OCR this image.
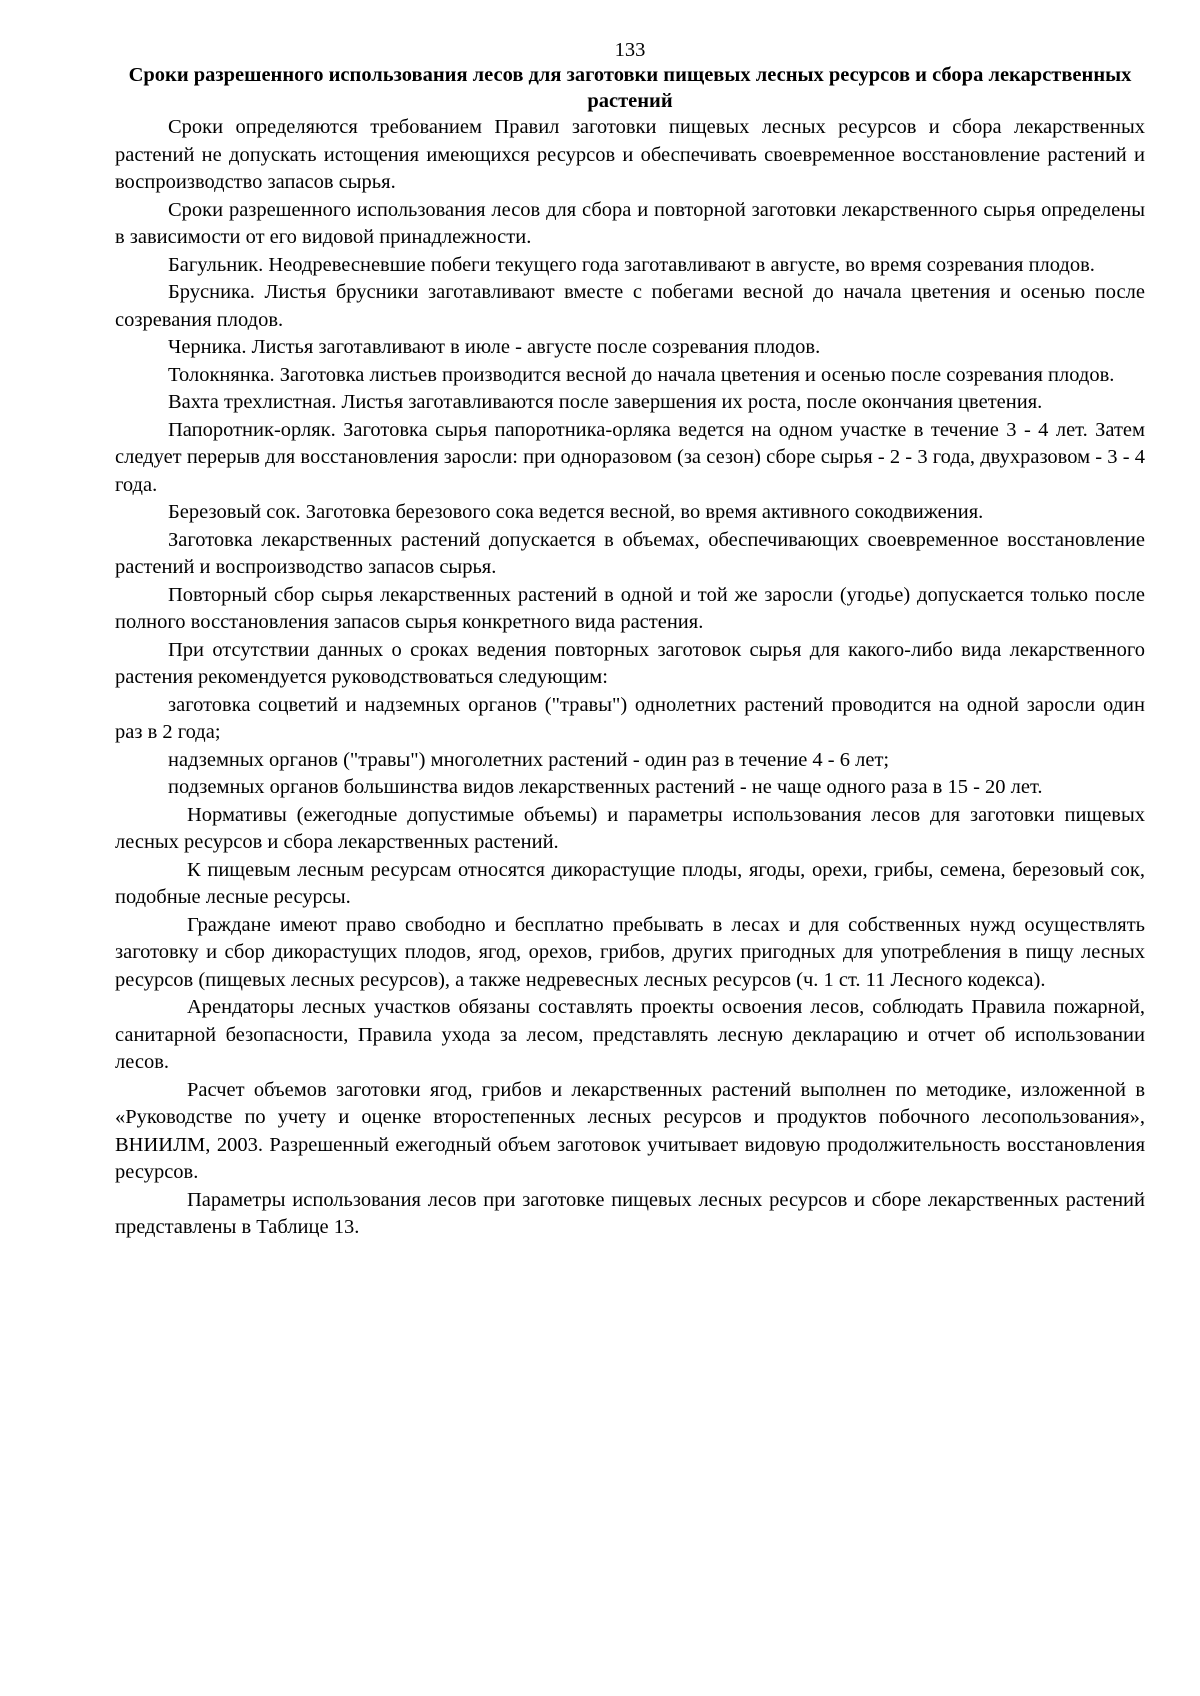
133
Сроки разрешенного использования лесов для заготовки пищевых лесных ресурсов и сбора лекарственных растений

Сроки определяются требованием Правил заготовки пищевых лесных ресурсов и сбора лекарственных растений не допускать истощения имеющихся ресурсов и обеспечивать своевременное восстановление растений и воспроизводство запасов сырья.

Сроки разрешенного использования лесов для сбора и повторной заготовки лекарственного сырья определены в зависимости от его видовой принадлежности.

Багульник. Неодревесневшие побеги текущего года заготавливают в августе, во время созревания плодов.

Брусника. Листья брусники заготавливают вместе с побегами весной до начала цветения и осенью после созревания плодов.

Черника. Листья заготавливают в июле - августе после созревания плодов.

Толокнянка. Заготовка листьев производится весной до начала цветения и осенью после созревания плодов.

Вахта трехлистная. Листья заготавливаются после завершения их роста, после окончания цветения.

Папоротник-орляк. Заготовка сырья папоротника-орляка ведется на одном участке в течение 3 - 4 лет. Затем следует перерыв для восстановления заросли: при одноразовом (за сезон) сборе сырья - 2 - 3 года, двухразовом - 3 - 4 года.

Березовый сок. Заготовка березового сока ведется весной, во время активного сокодвижения.

Заготовка лекарственных растений допускается в объемах, обеспечивающих своевременное восстановление растений и воспроизводство запасов сырья.

Повторный сбор сырья лекарственных растений в одной и той же заросли (угодье) допускается только после полного восстановления запасов сырья конкретного вида растения.

При отсутствии данных о сроках ведения повторных заготовок сырья для какого-либо вида лекарственного растения рекомендуется руководствоваться следующим:

заготовка соцветий и надземных органов ("травы") однолетних растений проводится на одной заросли один раз в 2 года;

надземных органов ("травы") многолетних растений - один раз в течение 4 - 6 лет;

подземных органов большинства видов лекарственных растений - не чаще одного раза в 15 - 20 лет.

Нормативы (ежегодные допустимые объемы) и параметры использования лесов для заготовки пищевых лесных ресурсов и сбора лекарственных растений.

К пищевым лесным ресурсам относятся дикорастущие плоды, ягоды, орехи, грибы, семена, березовый сок, подобные лесные ресурсы.

Граждане имеют право свободно и бесплатно пребывать в лесах и для собственных нужд осуществлять заготовку и сбор дикорастущих плодов, ягод, орехов, грибов, других пригодных для употребления в пищу лесных ресурсов (пищевых лесных ресурсов), а также недревесных лесных ресурсов (ч. 1 ст. 11 Лесного кодекса).

Арендаторы лесных участков обязаны составлять проекты освоения лесов, соблюдать Правила пожарной, санитарной безопасности, Правила ухода за лесом, представлять лесную декларацию и отчет об использовании лесов.

Расчет объемов заготовки ягод, грибов и лекарственных растений выполнен по методике, изложенной в «Руководстве по учету и оценке второстепенных лесных ресурсов и продуктов побочного лесопользования», ВНИИЛМ, 2003. Разрешенный ежегодный объем заготовок учитывает видовую продолжительность восстановления ресурсов.

Параметры использования лесов при заготовке пищевых лесных ресурсов и сборе лекарственных растений представлены в Таблице 13.
